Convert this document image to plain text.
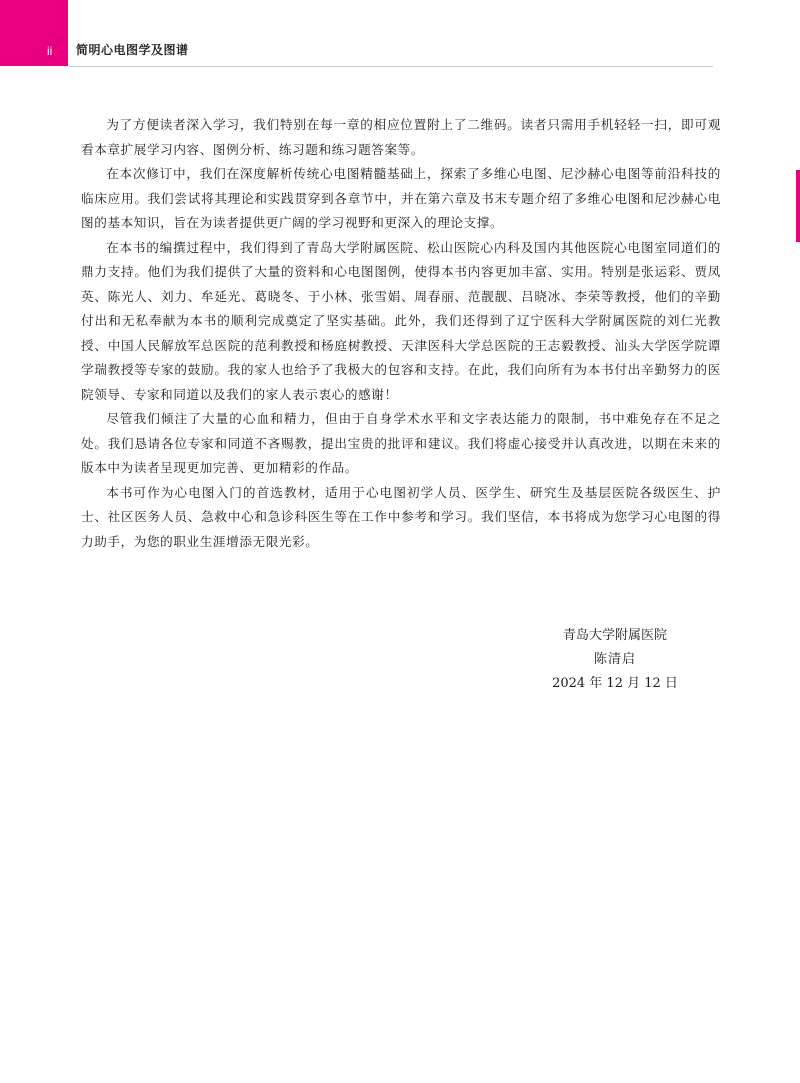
ii 简明心电图学及图谱

为了方便读者深入学习，我们特别在每一章的相应位置附上了二维码。读者只需用手机轻轻一扫，即可观看本章扩展学习内容、图例分析、练习题和练习题答案等。

在本次修订中，我们在深度解析传统心电图精髓基础上，探索了多维心电图、尼沙赫心电图等前沿科技的临床应用。我们尝试将其理论和实践贯穿到各章节中，并在第六章及书末专题介绍了多维心电图和尼沙赫心电图的基本知识，旨在为读者提供更广阔的学习视野和更深入的理论支撑。

在本书的编撰过程中，我们得到了青岛大学附属医院、松山医院心内科及国内其他医院心电图室同道们的鼎力支持。他们为我们提供了大量的资料和心电图图例，使得本书内容更加丰富、实用。特别是张运彩、贾凤英、陈光人、刘力、牟延光、葛晓冬、于小林、张雪娟、周春丽、范靓靓、吕晓冰、李荣等教授，他们的辛勤付出和无私奉献为本书的顺利完成奠定了坚实基础。此外，我们还得到了辽宁医科大学附属医院的刘仁光教授、中国人民解放军总医院的范利教授和杨庭树教授、天津医科大学总医院的王志毅教授、汕头大学医学院谭学瑞教授等专家的鼓励。我的家人也给予了我极大的包容和支持。在此，我们向所有为本书付出辛勤努力的医院领导、专家和同道以及我们的家人表示衷心的感谢！

尽管我们倾注了大量的心血和精力，但由于自身学术水平和文字表达能力的限制，书中难免存在不足之处。我们恳请各位专家和同道不吝赐教，提出宝贵的批评和建议。我们将虚心接受并认真改进，以期在未来的版本中为读者呈现更加完善、更加精彩的作品。

本书可作为心电图入门的首选教材，适用于心电图初学人员、医学生、研究生及基层医院各级医生、护士、社区医务人员、急救中心和急诊科医生等在工作中参考和学习。我们坚信，本书将成为您学习心电图的得力助手，为您的职业生涯增添无限光彩。

青岛大学附属医院
陈清启
2024 年 12 月 12 日
